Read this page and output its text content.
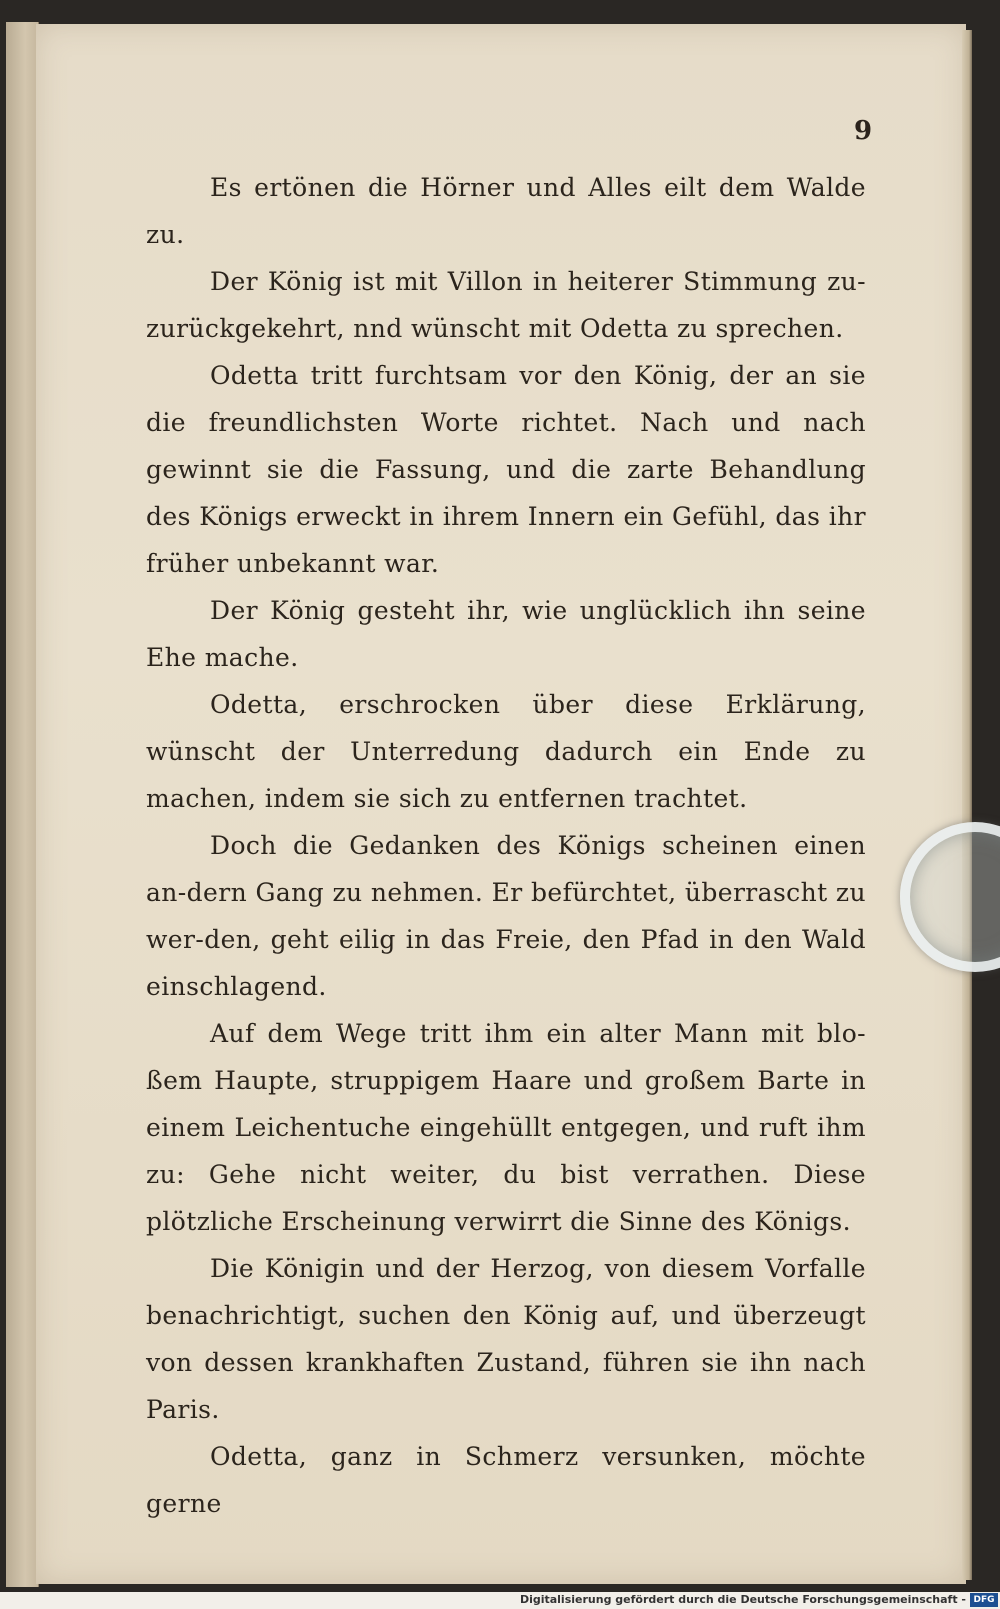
9

Es ertönen die Hörner und Alles eilt dem Walde zu.

Der König ist mit Villon in heiterer Stimmung zu-zurückgekehrt, nnd wünscht mit Odetta zu sprechen.

Odetta tritt furchtsam vor den König, der an sie die freundlichsten Worte richtet. Nach und nach gewinnt sie die Fassung, und die zarte Behandlung des Königs erweckt in ihrem Innern ein Gefühl, das ihr früher unbekannt war.

Der König gesteht ihr, wie unglücklich ihn seine Ehe mache.

Odetta, erschrocken über diese Erklärung, wünscht der Unterredung dadurch ein Ende zu machen, indem sie sich zu entfernen trachtet.

Doch die Gedanken des Königs scheinen einen an-dern Gang zu nehmen. Er befürchtet, überrascht zu wer-den, geht eilig in das Freie, den Pfad in den Wald einschlagend.

Auf dem Wege tritt ihm ein alter Mann mit blo-ßem Haupte, struppigem Haare und großem Barte in einem Leichentuche eingehüllt entgegen, und ruft ihm zu: Gehe nicht weiter, du bist verrathen. Diese plötzliche Erscheinung verwirrt die Sinne des Königs.

Die Königin und der Herzog, von diesem Vorfalle benachrichtigt, suchen den König auf, und überzeugt von dessen krankhaften Zustand, führen sie ihn nach Paris.

Odetta, ganz in Schmerz versunken, möchte gerne

Digitalisierung gefördert durch die Deutsche Forschungsgemeinschaft - DFG
